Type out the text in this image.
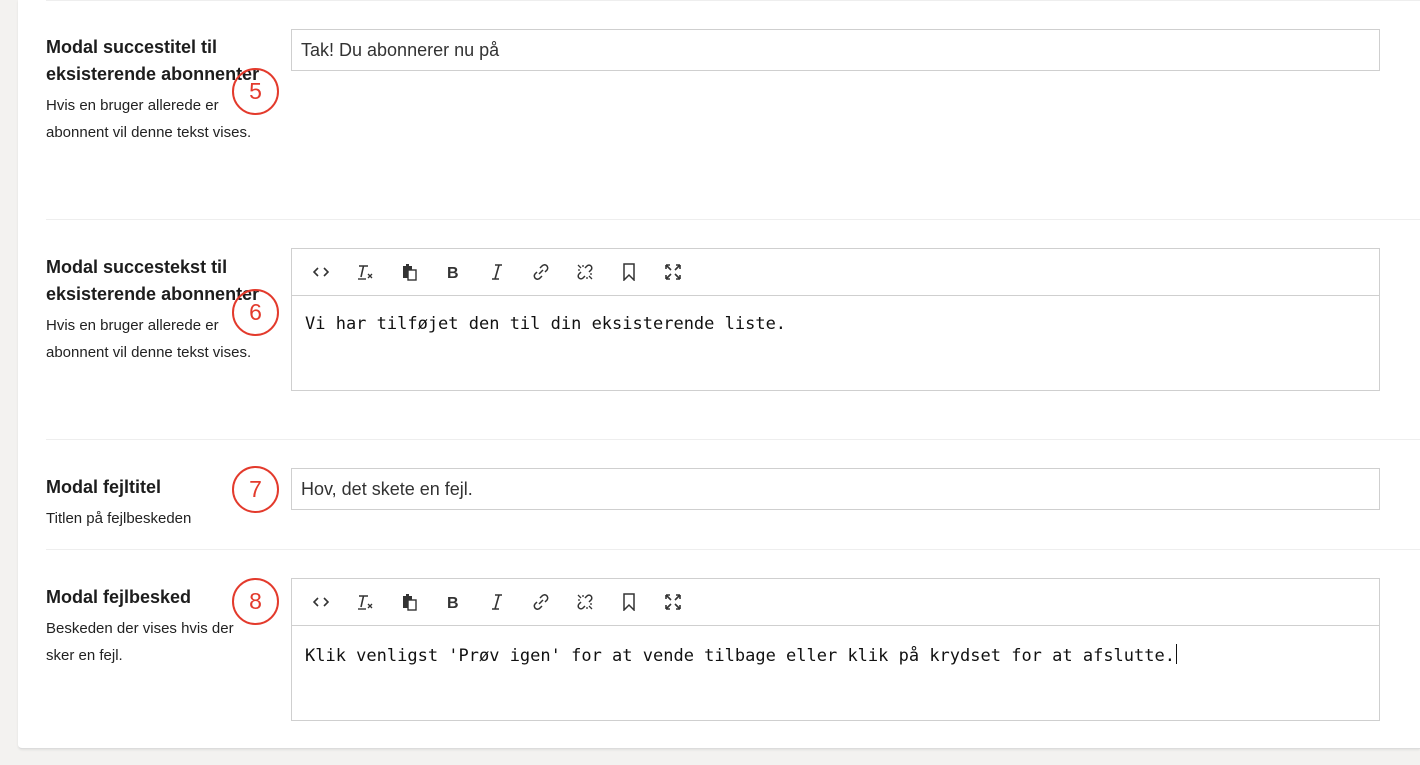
Modal succestitel til eksisterende abonnenter
Hvis en bruger allerede er abonnent vil denne tekst vises.
5
Tak! Du abonnerer nu på
Modal succestekst til eksisterende abonnenter
Hvis en bruger allerede er abonnent vil denne tekst vises.
6
B
Vi har tilføjet den til din eksisterende liste.
Modal fejltitel
Titlen på fejlbeskeden
7
Hov, det skete en fejl.
Modal fejlbesked
Beskeden der vises hvis der sker en fejl.
8	B
Klik venligst 'Prøv igen' for at vende tilbage eller klik på krydset for at afslutte.
